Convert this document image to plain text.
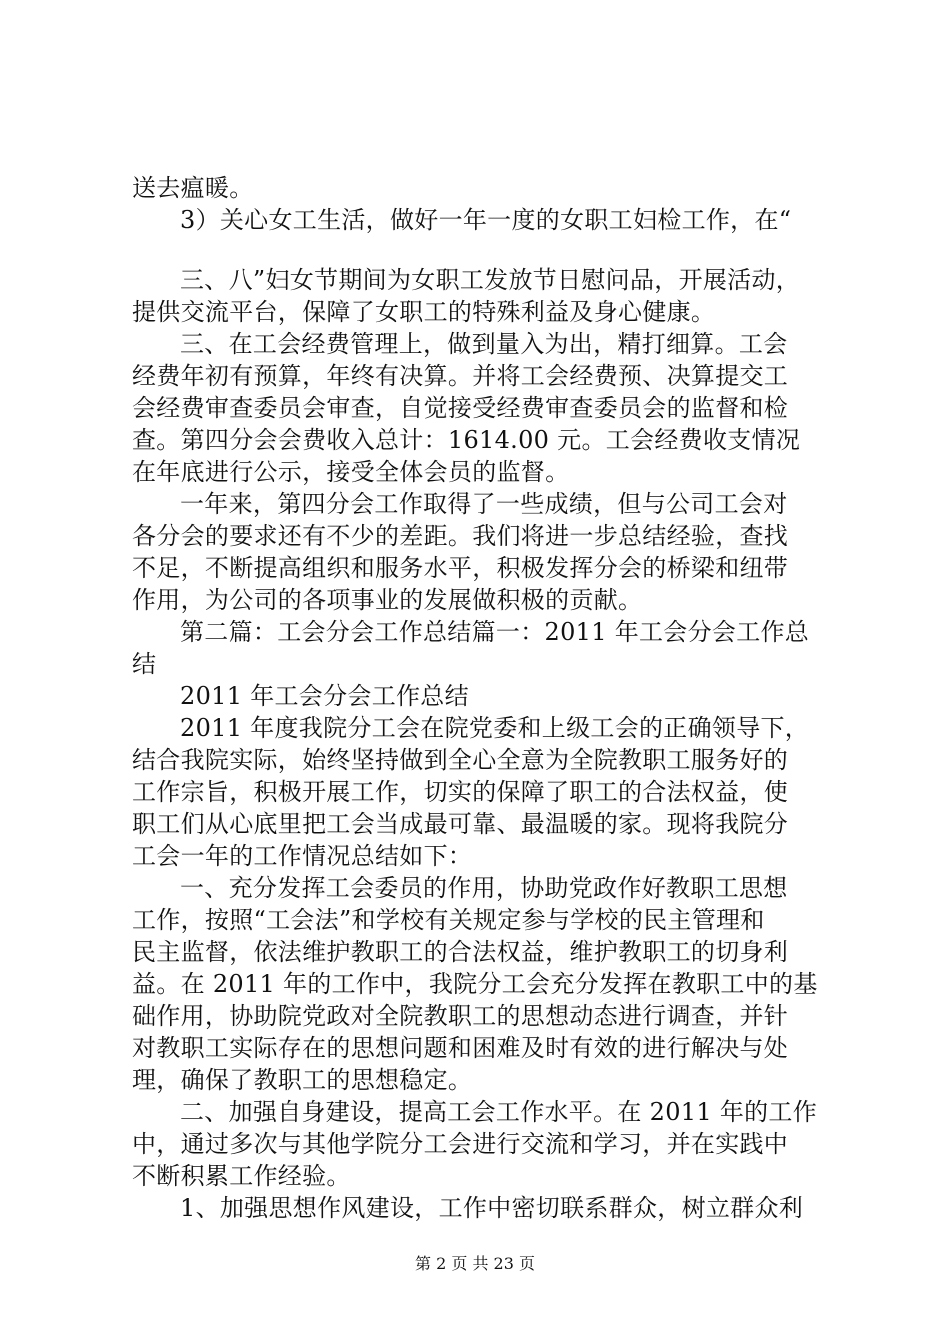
送去瘟暖。
3）关心女工生活，做好一年一度的女职工妇检工作，在“
三、八”妇女节期间为女职工发放节日慰问品，开展活动，
提供交流平台，保障了女职工的特殊利益及身心健康。
三、在工会经费管理上，做到量入为出，精打细算。工会
经费年初有预算，年终有决算。并将工会经费预、决算提交工
会经费审查委员会审查，自觉接受经费审查委员会的监督和检
查。第四分会会费收入总计：1614.00 元。工会经费收支情况
在年底进行公示，接受全体会员的监督。
一年来，第四分会工作取得了一些成绩，但与公司工会对
各分会的要求还有不少的差距。我们将进一步总结经验，查找
不足，不断提高组织和服务水平，积极发挥分会的桥梁和纽带
作用，为公司的各项事业的发展做积极的贡献。
第二篇：工会分会工作总结篇一：2011 年工会分会工作总
结
2011 年工会分会工作总结
2011 年度我院分工会在院党委和上级工会的正确领导下，
结合我院实际，始终坚持做到全心全意为全院教职工服务好的
工作宗旨，积极开展工作，切实的保障了职工的合法权益，使
职工们从心底里把工会当成最可靠、最温暖的家。现将我院分
工会一年的工作情况总结如下：
一、充分发挥工会委员的作用，协助党政作好教职工思想
工作，按照“工会法”和学校有关规定参与学校的民主管理和
民主监督，依法维护教职工的合法权益，维护教职工的切身利
益。在 2011 年的工作中，我院分工会充分发挥在教职工中的基
础作用，协助院党政对全院教职工的思想动态进行调查，并针
对教职工实际存在的思想问题和困难及时有效的进行解决与处
理，确保了教职工的思想稳定。
二、加强自身建设，提高工会工作水平。在 2011 年的工作
中，通过多次与其他学院分工会进行交流和学习，并在实践中
不断积累工作经验。
1、加强思想作风建设，工作中密切联系群众，树立群众利
第 2 页 共 23 页
